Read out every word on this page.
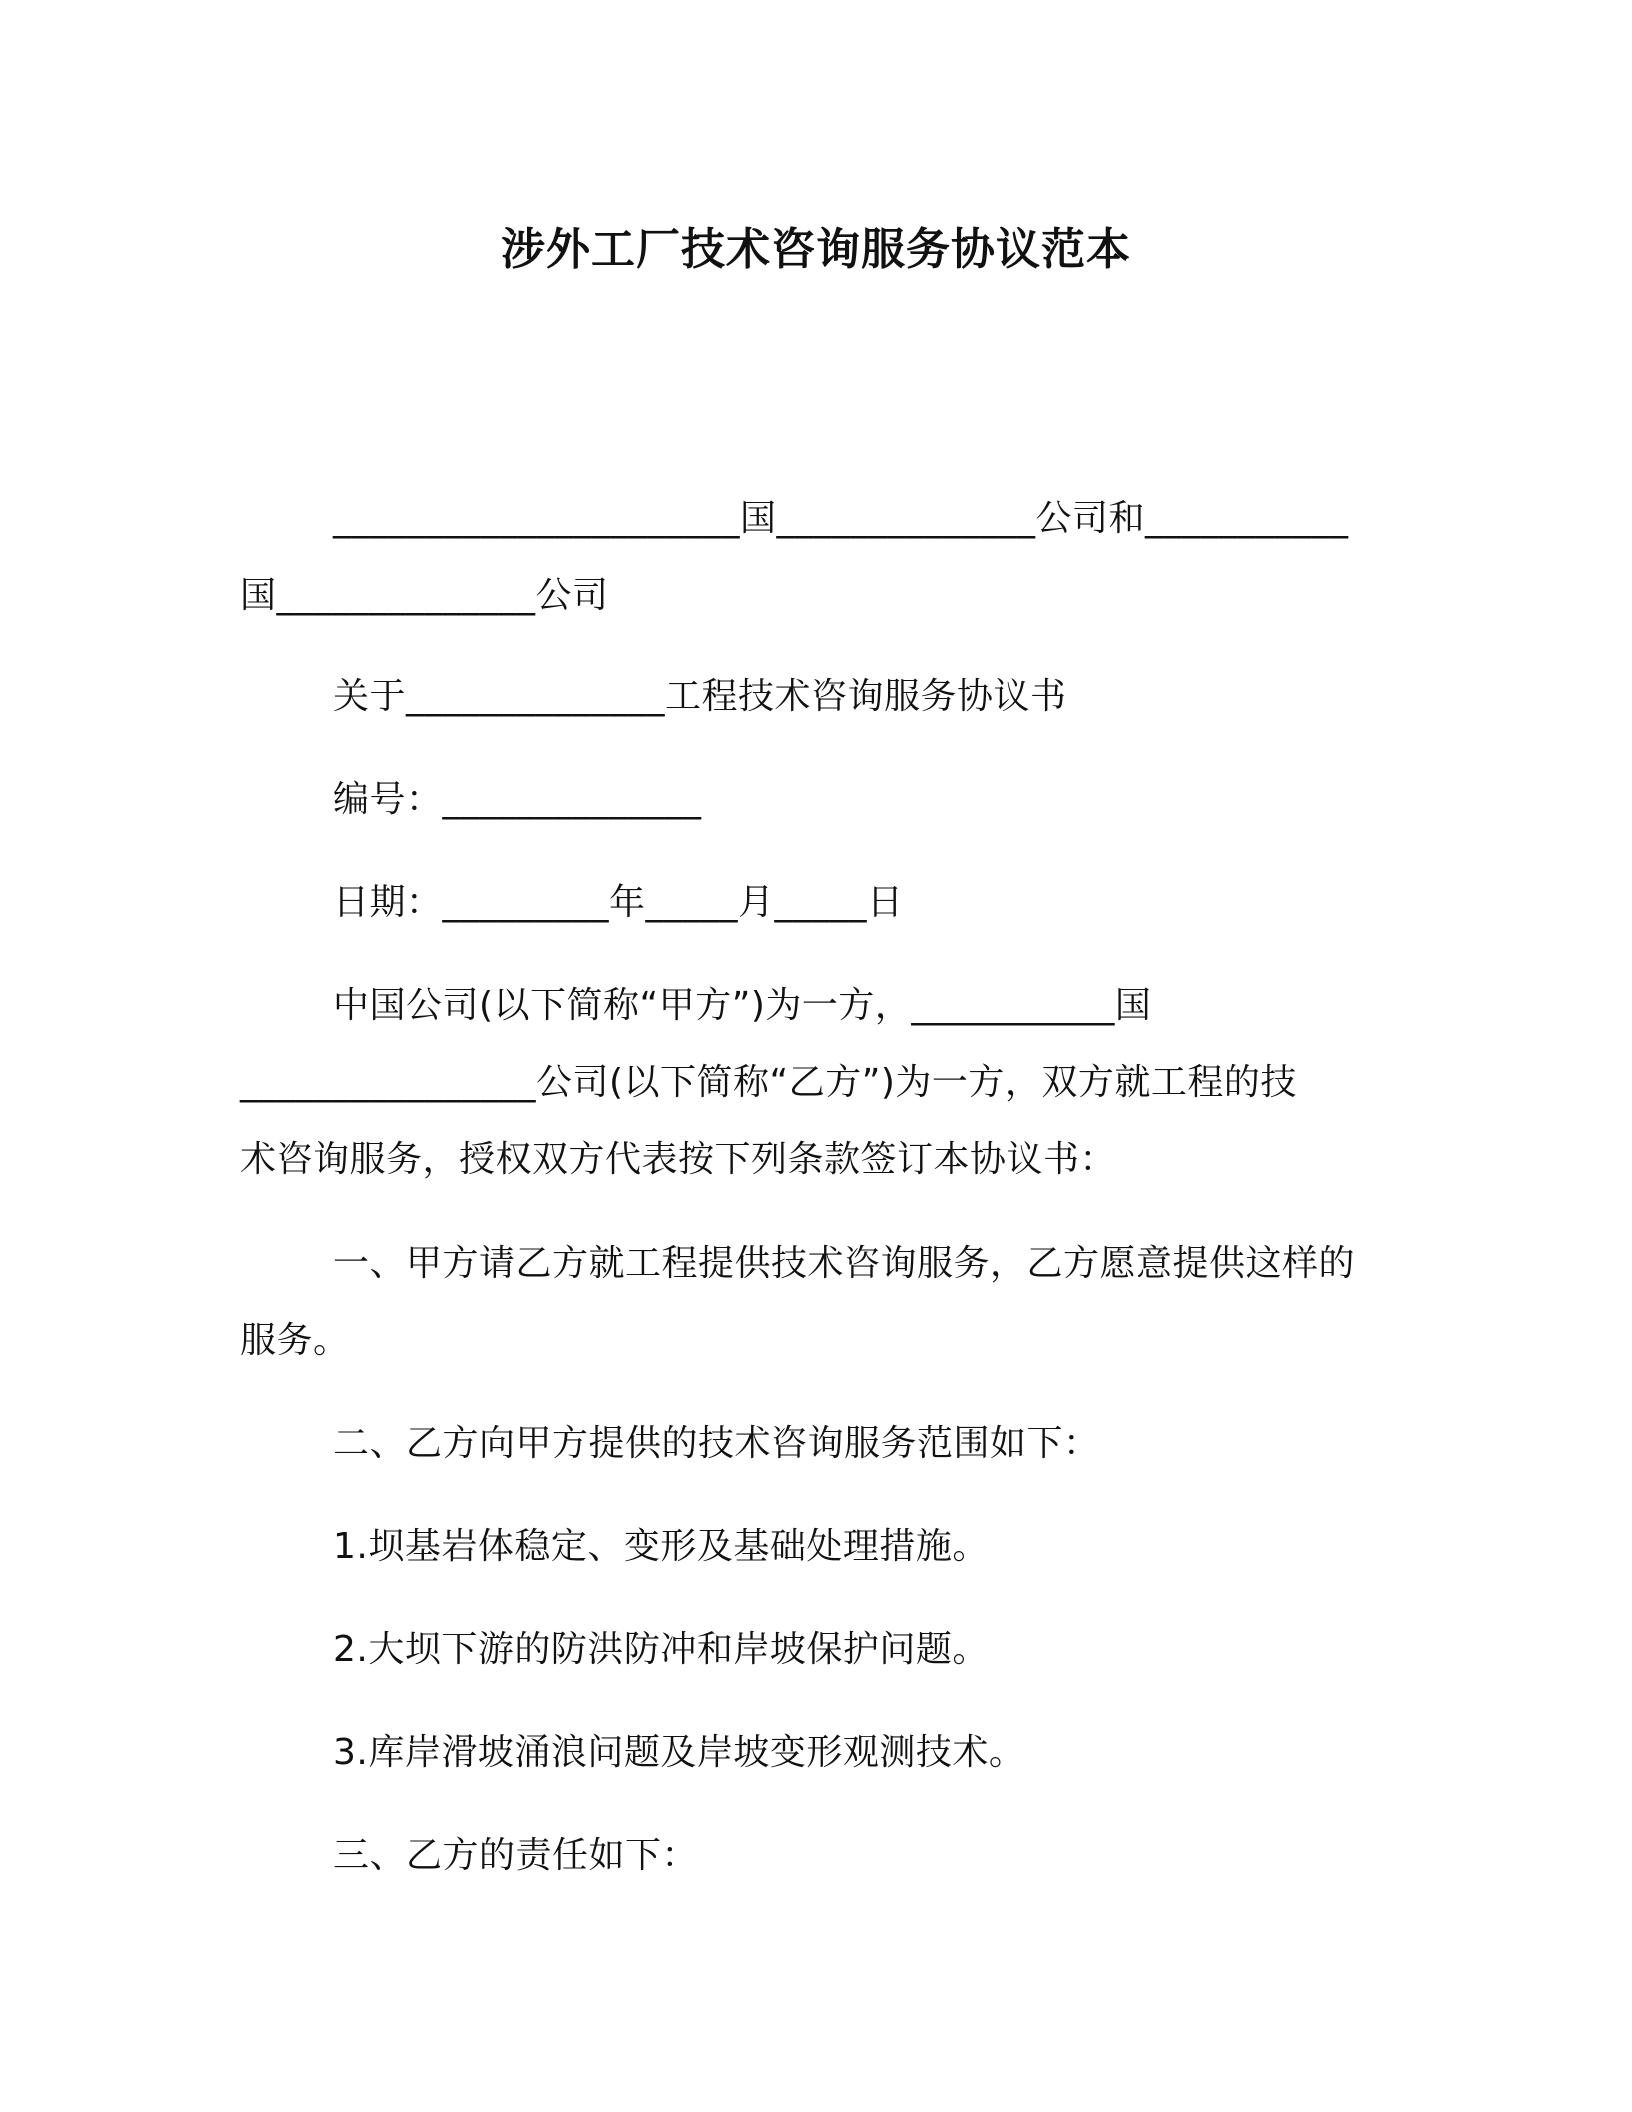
涉外工厂技术咨询服务协议范本
______________________国______________公司和___________
国______________公司
关于______________工程技术咨询服务协议书
编号：______________
日期：_________年_____月_____日
中国公司(以下简称“甲方”)为一方，___________国
________________公司(以下简称“乙方”)为一方，双方就工程的技
术咨询服务，授权双方代表按下列条款签订本协议书：
一、甲方请乙方就工程提供技术咨询服务，乙方愿意提供这样的
服务。
二、乙方向甲方提供的技术咨询服务范围如下：
1.坝基岩体稳定、变形及基础处理措施。
2.大坝下游的防洪防冲和岸坡保护问题。
3.库岸滑坡涌浪问题及岸坡变形观测技术。
三、乙方的责任如下：
